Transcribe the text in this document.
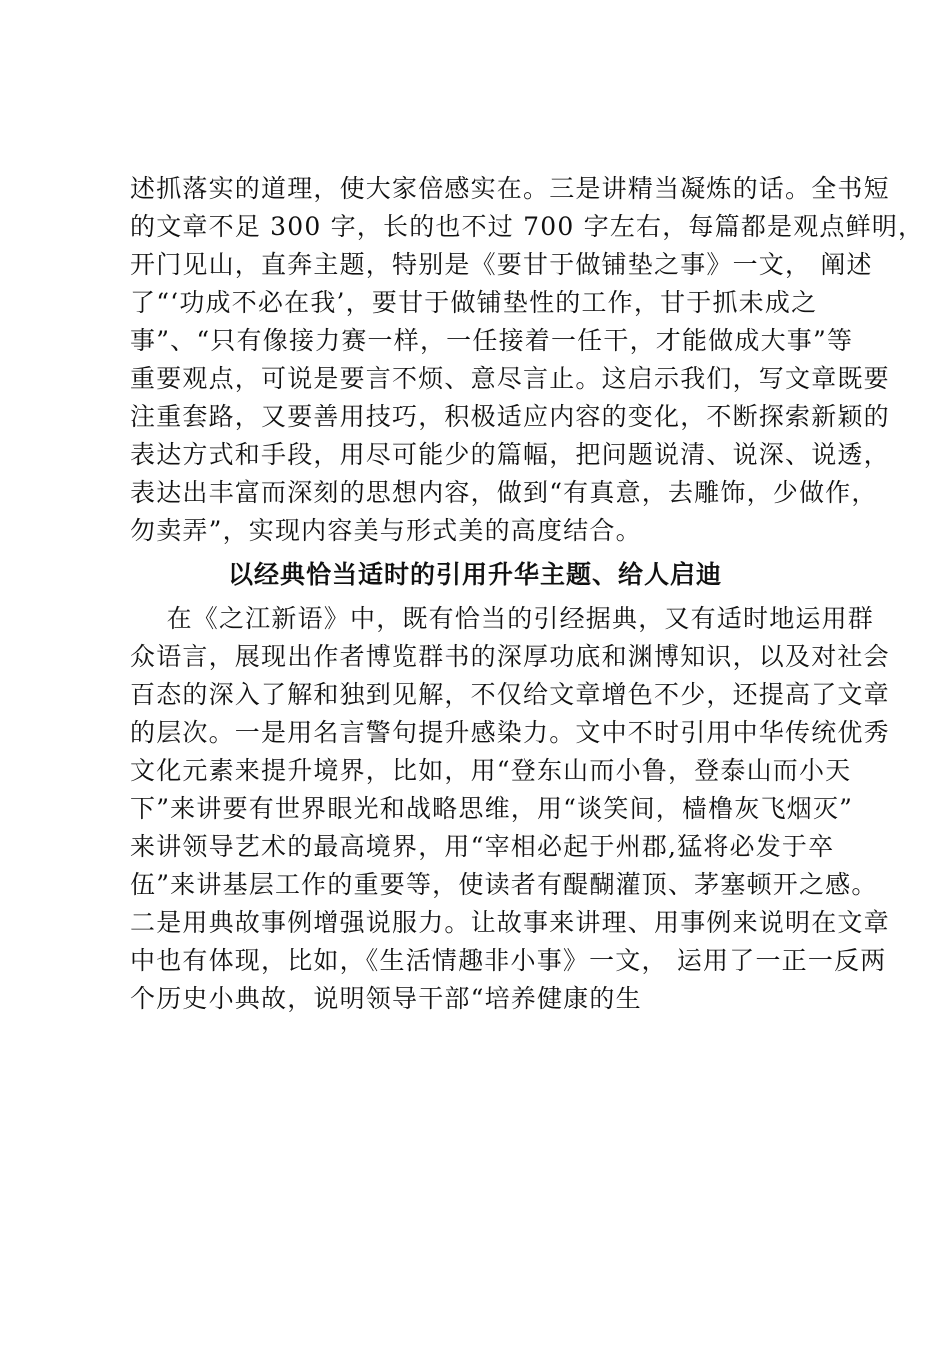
述抓落实的道理，使大家倍感实在。三是讲精当凝炼的话。全书短
的文章不足 300 字，长的也不过 700 字左右，每篇都是观点鲜明，
开门见山，直奔主题，特别是《要甘于做铺垫之事》一文， 阐述
了“‘功成不必在我’，要甘于做铺垫性的工作，甘于抓未成之
事”、“只有像接力赛一样，一任接着一任干，才能做成大事”等
重要观点，可说是要言不烦、意尽言止。这启示我们，写文章既要
注重套路，又要善用技巧，积极适应内容的变化，不断探索新颖的
表达方式和手段，用尽可能少的篇幅，把问题说清、说深、说透，
表达出丰富而深刻的思想内容，做到“有真意，去雕饰，少做作，
勿卖弄”，实现内容美与形式美的高度结合。
以经典恰当适时的引用升华主题、给人启迪
在《之江新语》中，既有恰当的引经据典，又有适时地运用群
众语言，展现出作者博览群书的深厚功底和渊博知识，以及对社会
百态的深入了解和独到见解，不仅给文章增色不少，还提高了文章
的层次。一是用名言警句提升感染力。文中不时引用中华传统优秀
文化元素来提升境界，比如，用“登东山而小鲁，登泰山而小天
下”来讲要有世界眼光和战略思维，用“谈笑间，樯橹灰飞烟灭”
来讲领导艺术的最高境界，用“宰相必起于州郡,猛将必发于卒
伍”来讲基层工作的重要等，使读者有醍醐灌顶、茅塞顿开之感。
二是用典故事例增强说服力。让故事来讲理、用事例来说明在文章
中也有体现，比如，《生活情趣非小事》一文， 运用了一正一反两
个历史小典故，说明领导干部“培养健康的生
